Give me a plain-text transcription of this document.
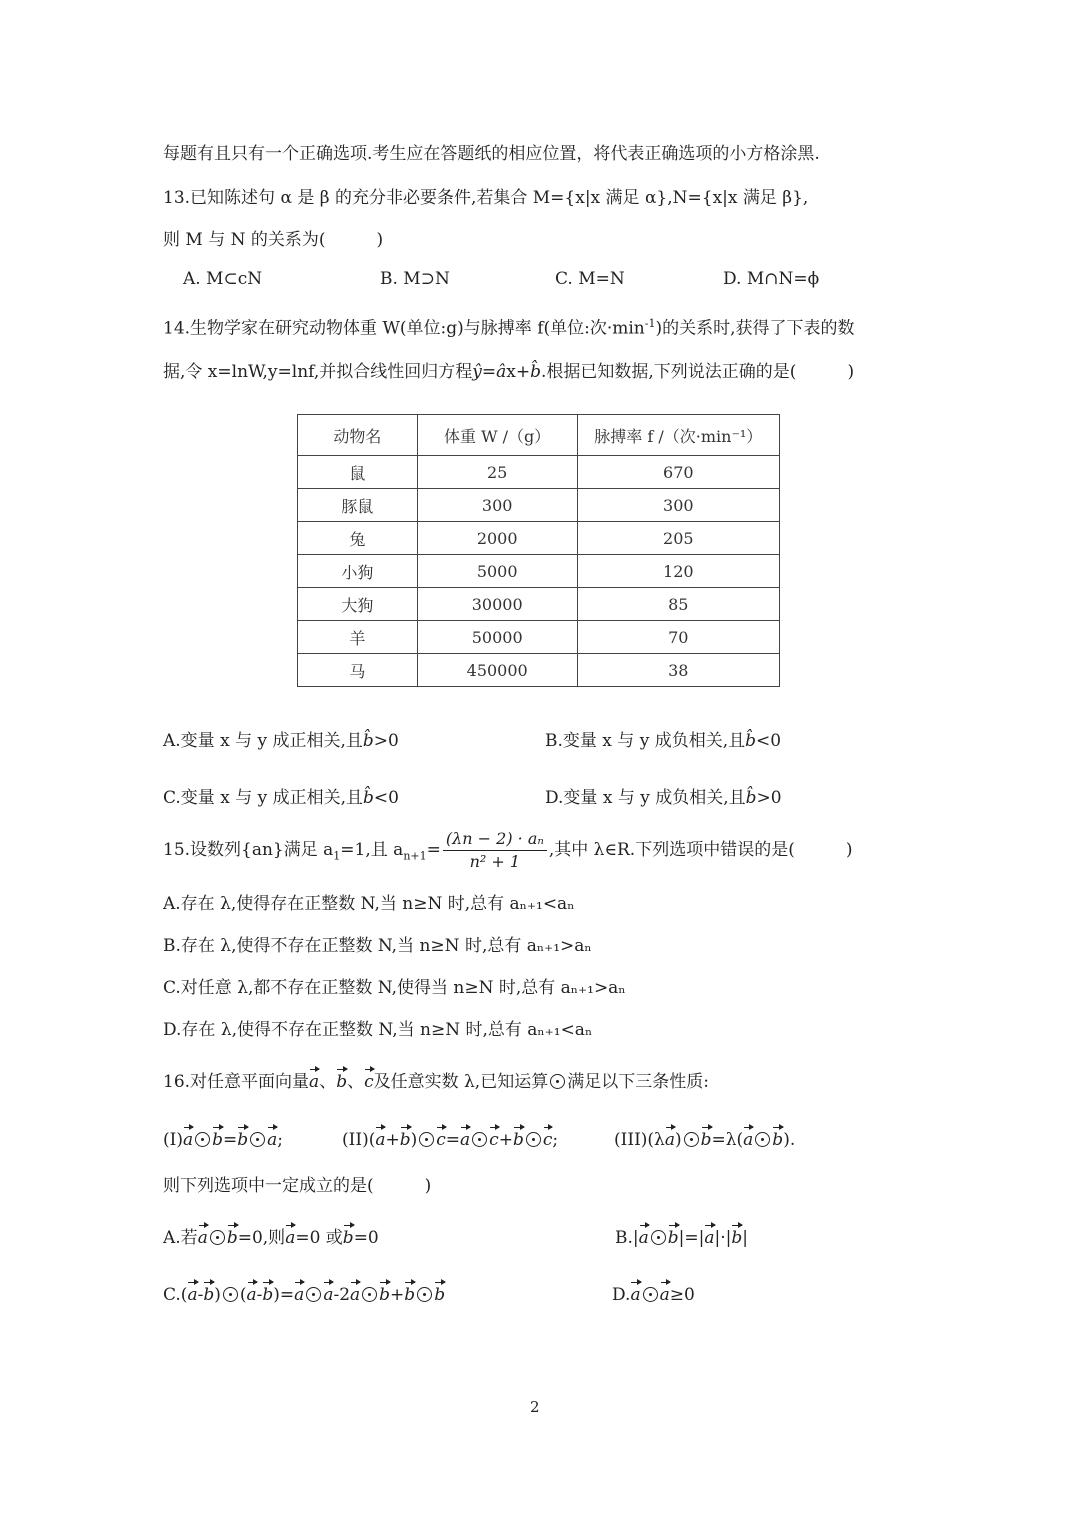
每题有且只有一个正确选项.考生应在答题纸的相应位置，将代表正确选项的小方格涂黑.
13.已知陈述句 α 是 β 的充分非必要条件,若集合 M={x|x 满足 α},N={x|x 满足 β},
则 M 与 N 的关系为(　　　)
A. M⊂cN	B. M⊃N	C. M=N	D. M∩N=ϕ
14.生物学家在研究动物体重 W(单位:g)与脉搏率 f(单位:次$\cdot\min^{-1}$)的关系时,获得了下表的数
据,令 x=lnW,y=lnf,并拟合线性回归方程ŷ=âx+b̂.根据已知数据,下列说法正确的是(　　　)
动物名	体重 W /（g）	脉搏率 f /（次·min⁻¹）
鼠	25	670
豚鼠	300	300
兔	2000	205
小狗	5000	120
大狗	30000	85
羊	50000	70
马	450000	38
A.变量 x 与 y 成正相关,且b̂>0	B.变量 x 与 y 成负相关,且b̂<0
C.变量 x 与 y 成正相关,且b̂<0	D.变量 x 与 y 成负相关,且b̂>0
15.设数列{an}满足 $a_1=1$,且 $a_{n+1}= \frac{\text{(λn − 2) · aₙ}}{\text{n² + 1}}$ ,其中 λ∈R.下列选项中错误的是(　　　)
A.存在 λ,使得存在正整数 N,当 n≥N 时,总有 aₙ₊₁<aₙ
B.存在 λ,使得不存在正整数 N,当 n≥N 时,总有 aₙ₊₁>aₙ
C.对任意 λ,都不存在正整数 N,使得当 n≥N 时,总有 aₙ₊₁>aₙ
D.存在 λ,使得不存在正整数 N,当 n≥N 时,总有 aₙ₊₁<aₙ
16.对任意平面向量a、b、c及任意实数 λ,已知运算 满足以下三条性质:
(I)a b=b a;	(II)(a+b) c=a c+b c;	(III)(λa) b=λ(a b).
则下列选项中一定成立的是(　　　)
A.若a b=0,则a=0 或b=0	B.|a b|=|a|·|b|
C.(a-b) (a-b)=a a-2a b+b b	D.a a≥0
2
